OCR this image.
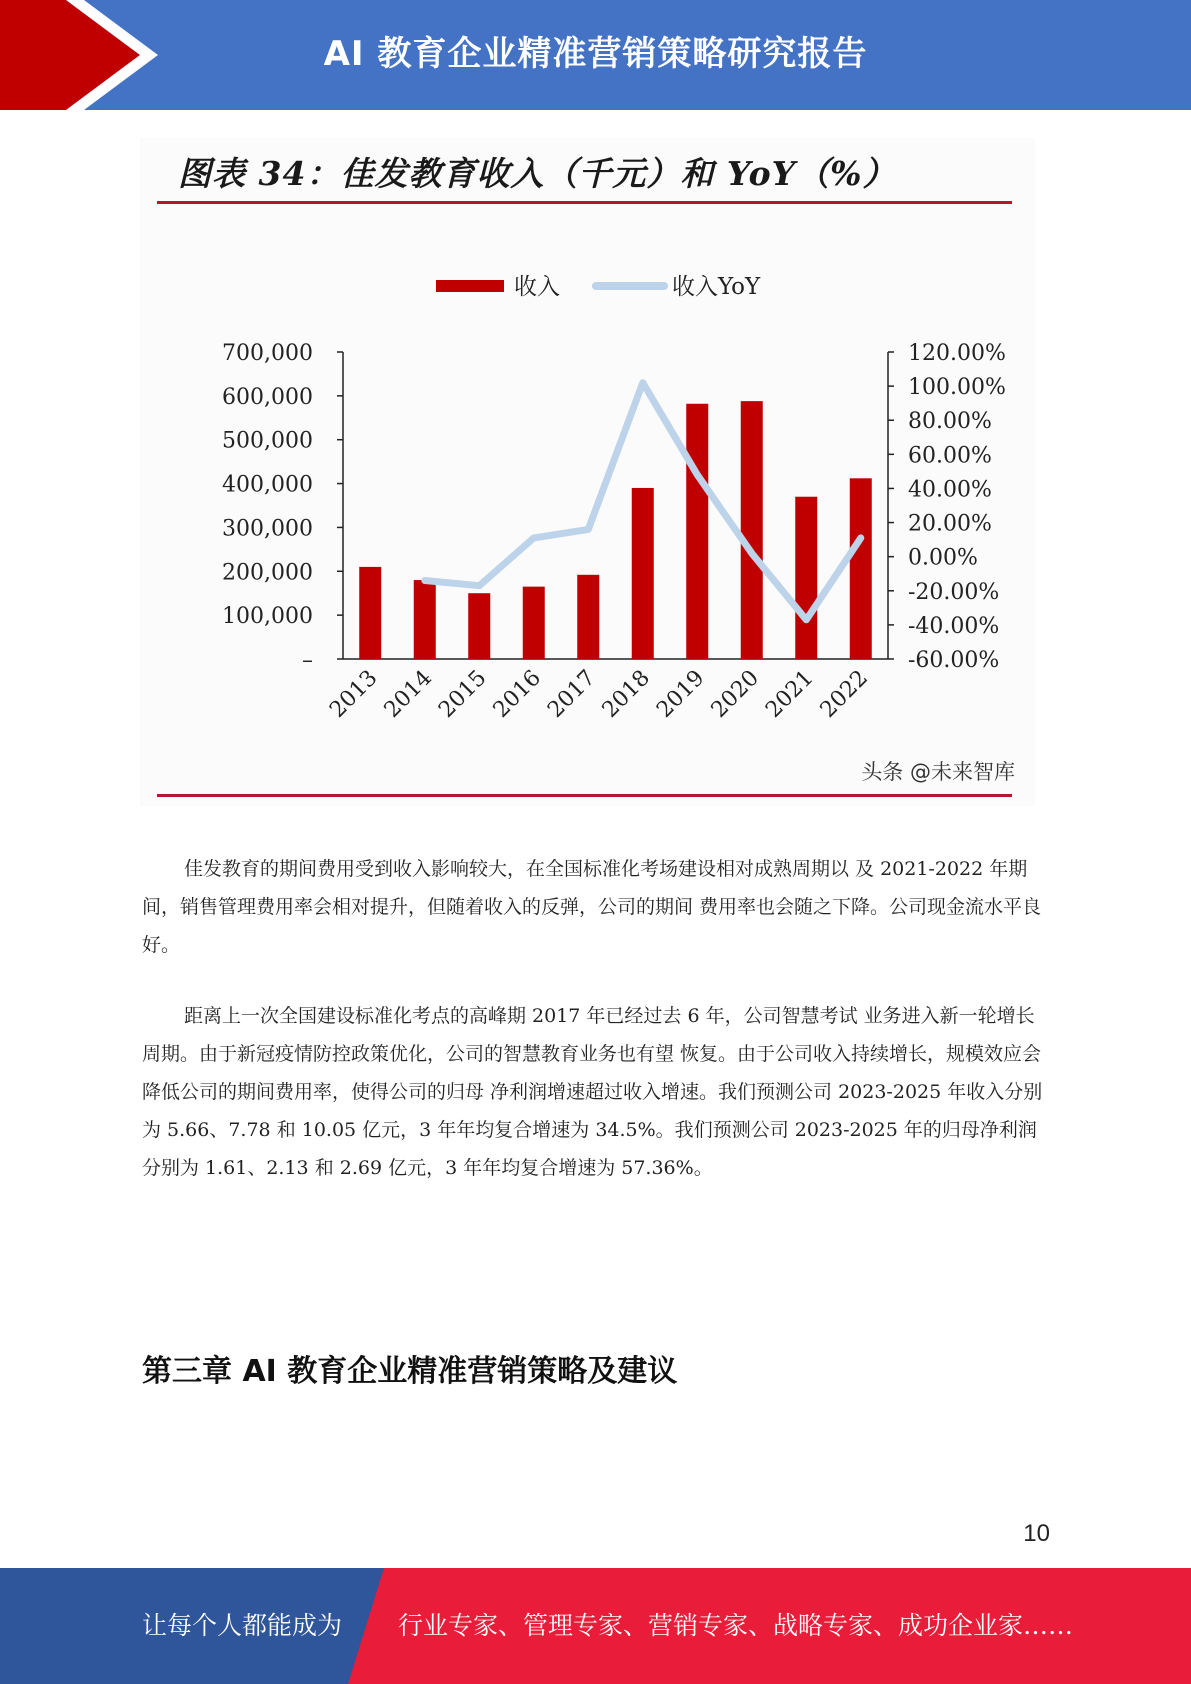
AI 教育企业精准营销策略研究报告
图表 34：佳发教育收入（千元）和 YoY（%）
700,000
600,000
500,000
400,000
300,000
200,000
100,000
–
120.00%
100.00%
80.00%
60.00%
40.00%
20.00%
0.00%
-20.00%
-40.00%
-60.00%
2013
2014
2015
2016
2017
2018
2019
2020
2021
2022
收入	收入YoY
头条 @未来智库

佳发教育的期间费用受到收入影响较大，在全国标准化考场建设相对成熟周期以 及 2021-2022 年期间，销售管理费用率会相对提升，但随着收入的反弹，公司的期间 费用率也会随之下降。公司现金流水平良好。

距离上一次全国建设标准化考点的高峰期 2017 年已经过去 6 年，公司智慧考试 业务进入新一轮增长周期。由于新冠疫情防控政策优化，公司的智慧教育业务也有望 恢复。由于公司收入持续增长，规模效应会降低公司的期间费用率，使得公司的归母 净利润增速超过收入增速。我们预测公司 2023-2025 年收入分别为 5.66、7.78 和 10.05 亿元，3 年年均复合增速为 34.5%。我们预测公司 2023-2025 年的归母净利润 分别为 1.61、2.13 和 2.69 亿元，3 年年均复合增速为 57.36%。

第三章 AI 教育企业精准营销策略及建议
10
让每个人都能成为 行业专家、管理专家、营销专家、战略专家、成功企业家……
